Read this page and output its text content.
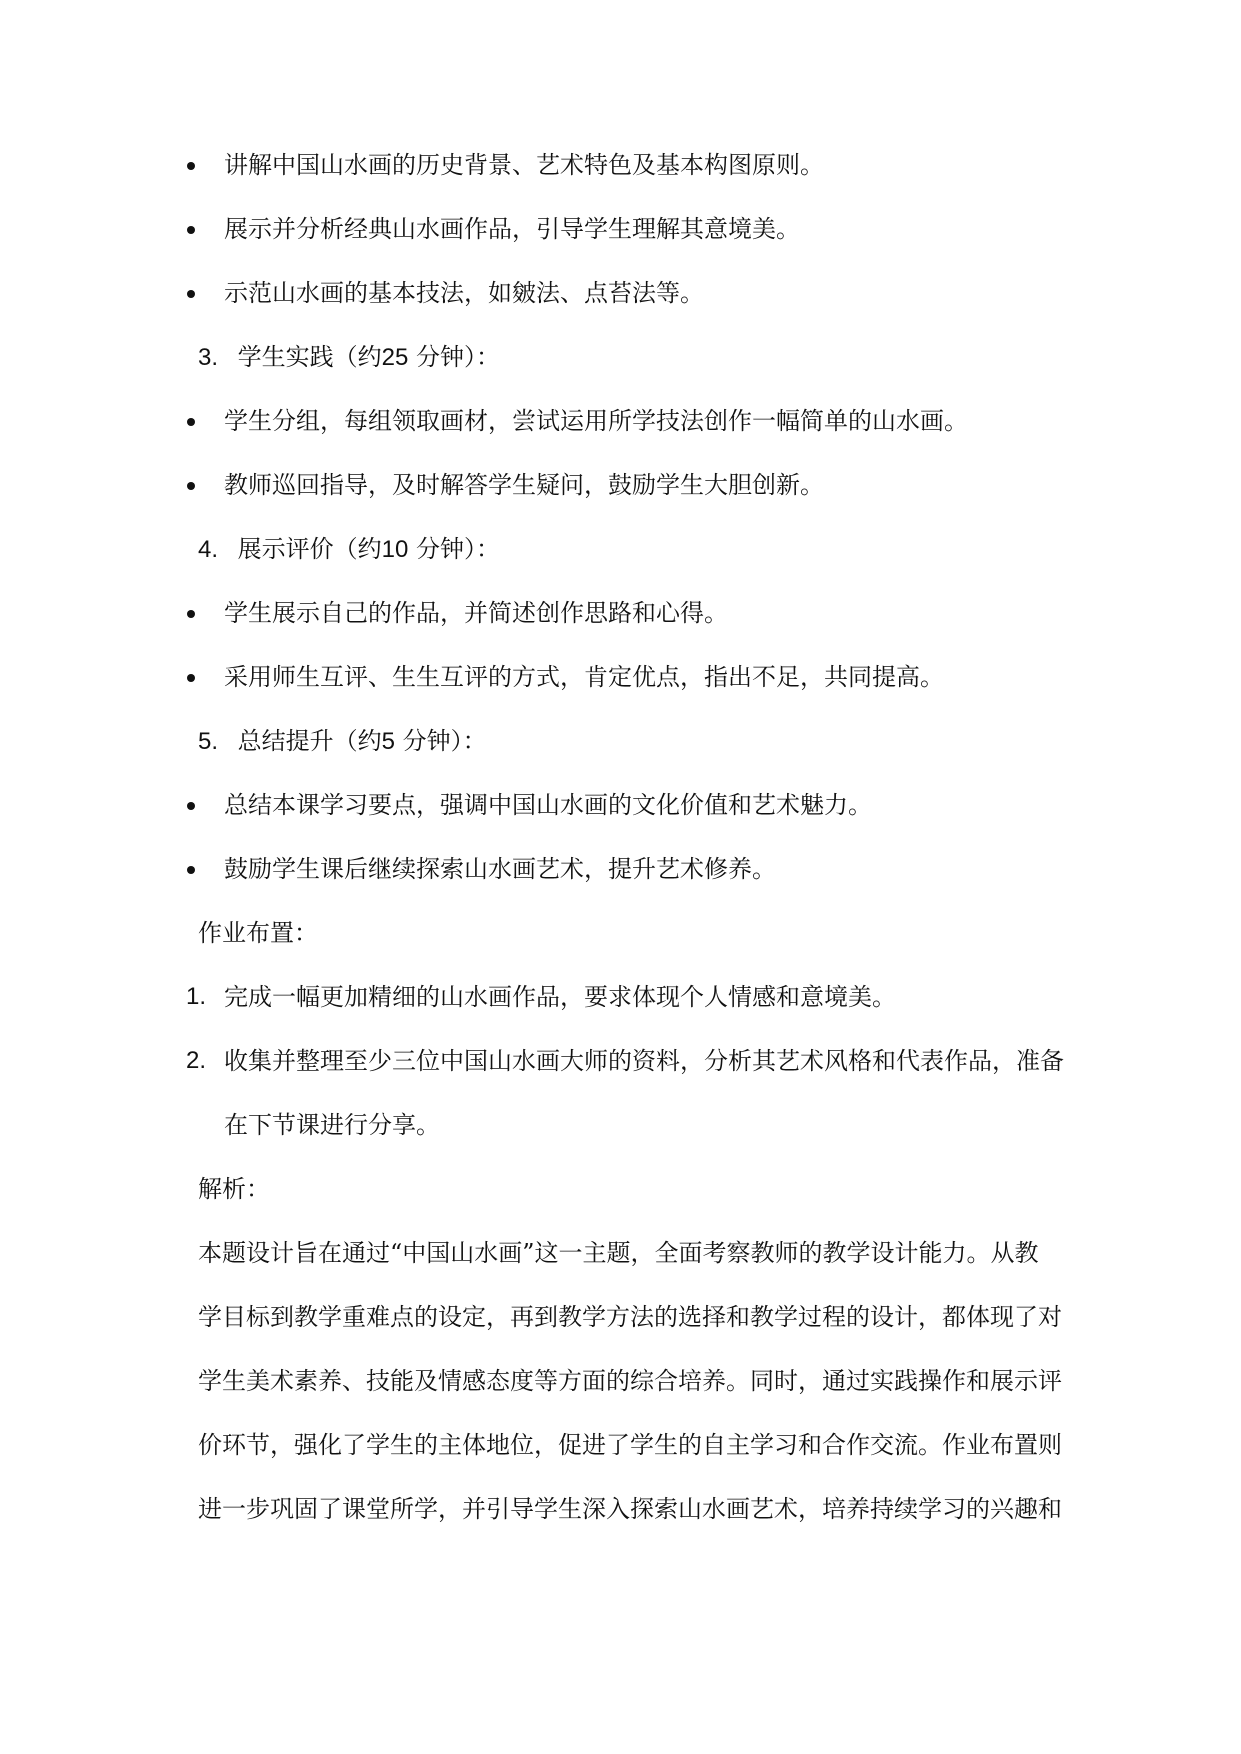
讲解中国山水画的历史背景、艺术特色及基本构图原则。
展示并分析经典山水画作品，引导学生理解其意境美。
示范山水画的基本技法，如皴法、点苔法等。
3. 学生实践（约25 分钟）：
学生分组，每组领取画材，尝试运用所学技法创作一幅简单的山水画。
教师巡回指导，及时解答学生疑问，鼓励学生大胆创新。
4. 展示评价（约10 分钟）：
学生展示自己的作品，并简述创作思路和心得。
采用师生互评、生生互评的方式，肯定优点，指出不足，共同提高。
5. 总结提升（约5 分钟）：
总结本课学习要点，强调中国山水画的文化价值和艺术魅力。
鼓励学生课后继续探索山水画艺术，提升艺术修养。
作业布置：
1. 完成一幅更加精细的山水画作品，要求体现个人情感和意境美。
2. 收集并整理至少三位中国山水画大师的资料，分析其艺术风格和代表作品，准备
在下节课进行分享。
解析：
本题设计旨在通过“中国山水画”这一主题，全面考察教师的教学设计能力。从教
学目标到教学重难点的设定，再到教学方法的选择和教学过程的设计，都体现了对
学生美术素养、技能及情感态度等方面的综合培养。同时，通过实践操作和展示评
价环节，强化了学生的主体地位，促进了学生的自主学习和合作交流。作业布置则
进一步巩固了课堂所学，并引导学生深入探索山水画艺术，培养持续学习的兴趣和
